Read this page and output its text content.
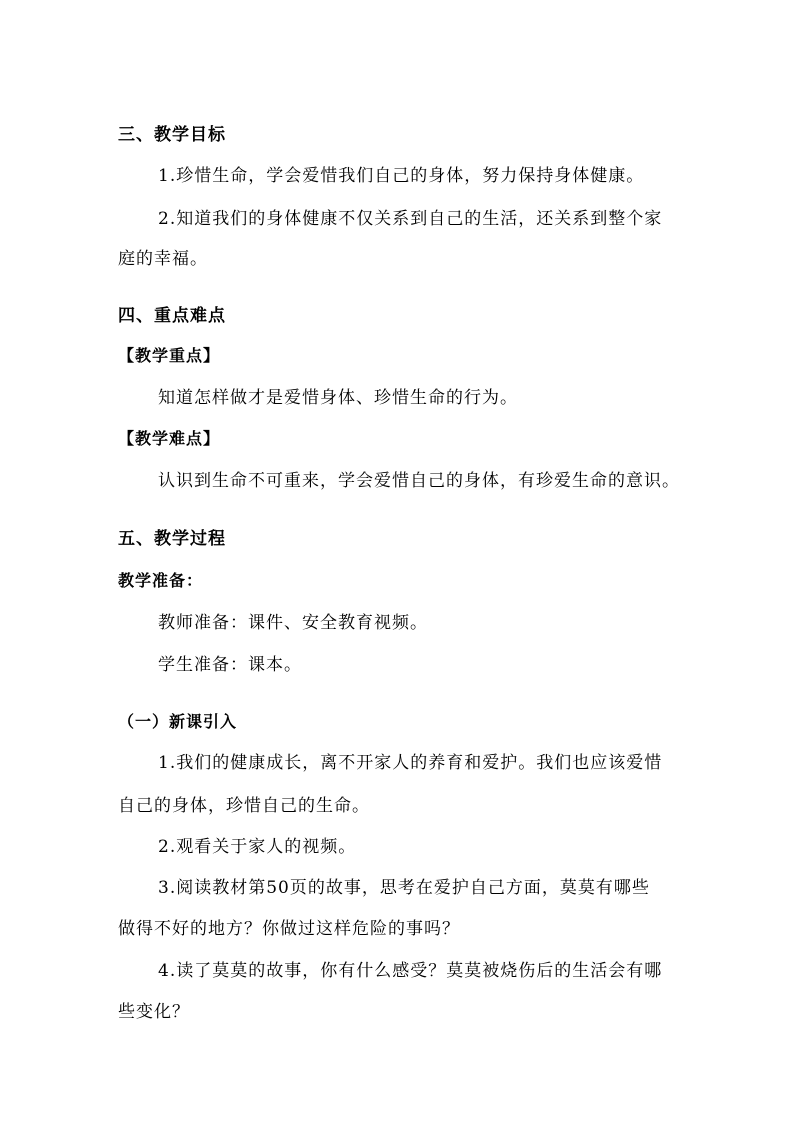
三、教学目标
1.珍惜生命，学会爱惜我们自己的身体，努力保持身体健康。
2.知道我们的身体健康不仅关系到自己的生活，还关系到整个家
庭的幸福。
四、重点难点
【教学重点】
知道怎样做才是爱惜身体、珍惜生命的行为。
【教学难点】
认识到生命不可重来，学会爱惜自己的身体，有珍爱生命的意识。
五、教学过程
教学准备：
教师准备：课件、安全教育视频。
学生准备：课本。
（一）新课引入
1.我们的健康成长，离不开家人的养育和爱护。我们也应该爱惜
自己的身体，珍惜自己的生命。
2.观看关于家人的视频。
3.阅读教材第50页的故事，思考在爱护自己方面，莫莫有哪些
做得不好的地方？你做过这样危险的事吗？
4.读了莫莫的故事，你有什么感受？莫莫被烧伤后的生活会有哪
些变化？
